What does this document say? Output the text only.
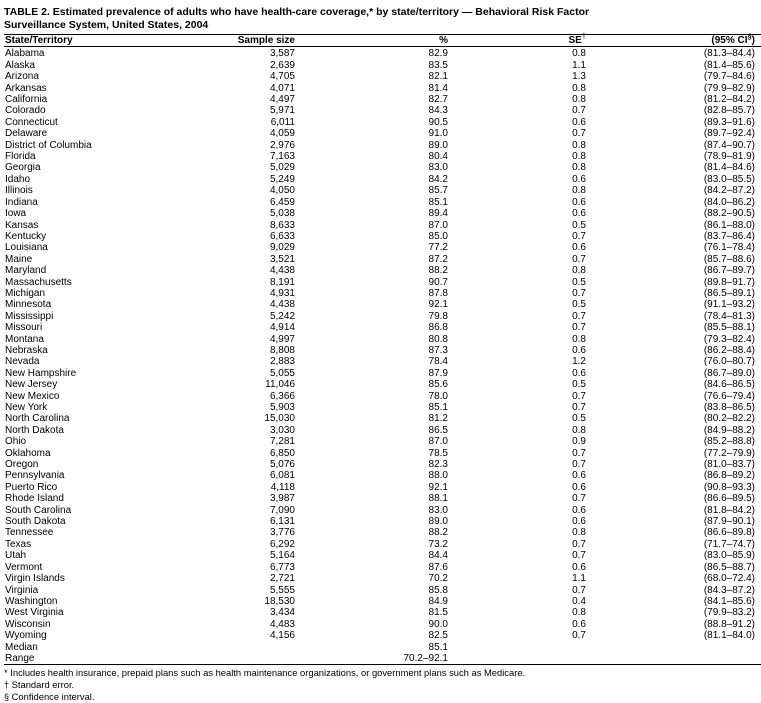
TABLE 2. Estimated prevalence of adults who have health-care coverage,* by state/territory — Behavioral Risk Factor Surveillance System, United States, 2004
State/Territory	Sample size	%	SE†	(95% CI§)
Alabama	3,587	82.9	0.8	(81.3–84.4)
Alaska	2,639	83.5	1.1	(81.4–85.6)
Arizona	4,705	82.1	1.3	(79.7–84.6)
Arkansas	4,071	81.4	0.8	(79.9–82.9)
California	4,497	82.7	0.8	(81.2–84.2)
Colorado	5,971	84.3	0.7	(82.8–85.7)
Connecticut	6,011	90.5	0.6	(89.3–91.6)
Delaware	4,059	91.0	0.7	(89.7–92.4)
District of Columbia	2,976	89.0	0.8	(87.4–90.7)
Florida	7,163	80.4	0.8	(78.9–81.9)
Georgia	5,029	83.0	0.8	(81.4–84.6)
Idaho	5,249	84.2	0.6	(83.0–85.5)
Illinois	4,050	85.7	0.8	(84.2–87.2)
Indiana	6,459	85.1	0.6	(84.0–86.2)
Iowa	5,038	89.4	0.6	(88.2–90.5)
Kansas	8,633	87.0	0.5	(86.1–88.0)
Kentucky	6,633	85.0	0.7	(83.7–86.4)
Louisiana	9,029	77.2	0.6	(76.1–78.4)
Maine	3,521	87.2	0.7	(85.7–88.6)
Maryland	4,438	88.2	0.8	(86.7–89.7)
Massachusetts	8,191	90.7	0.5	(89.8–91.7)
Michigan	4,931	87.8	0.7	(86.5–89.1)
Minnesota	4,438	92.1	0.5	(91.1–93.2)
Mississippi	5,242	79.8	0.7	(78.4–81.3)
Missouri	4,914	86.8	0.7	(85.5–88.1)
Montana	4,997	80.8	0.8	(79.3–82.4)
Nebraska	8,808	87.3	0.6	(86.2–88.4)
Nevada	2,883	78.4	1.2	(76.0–80.7)
New Hampshire	5,055	87.9	0.6	(86.7–89.0)
New Jersey	11,046	85.6	0.5	(84.6–86.5)
New Mexico	6,366	78.0	0.7	(76.6–79.4)
New York	5,903	85.1	0.7	(83.8–86.5)
North Carolina	15,030	81.2	0.5	(80.2–82.2)
North Dakota	3,030	86.5	0.8	(84.9–88.2)
Ohio	7,281	87.0	0.9	(85.2–88.8)
Oklahoma	6,850	78.5	0.7	(77.2–79.9)
Oregon	5,076	82.3	0.7	(81.0–83.7)
Pennsylvania	6,081	88.0	0.6	(86.8–89.2)
Puerto Rico	4,118	92.1	0.6	(90.8–93.3)
Rhode Island	3,987	88.1	0.7	(86.6–89.5)
South Carolina	7,090	83.0	0.6	(81.8–84.2)
South Dakota	6,131	89.0	0.6	(87.9–90.1)
Tennessee	3,776	88.2	0.8	(86.6–89.8)
Texas	6,292	73.2	0.7	(71.7–74.7)
Utah	5,164	84.4	0.7	(83.0–85.9)
Vermont	6,773	87.6	0.6	(86.5–88.7)
Virgin Islands	2,721	70.2	1.1	(68.0–72.4)
Virginia	5,555	85.8	0.7	(84.3–87.2)
Washington	18,530	84.9	0.4	(84.1–85.6)
West Virginia	3,434	81.5	0.8	(79.9–83.2)
Wisconsin	4,483	90.0	0.6	(88.8–91.2)
Wyoming	4,156	82.5	0.7	(81.1–84.0)
Median		85.1		
Range		70.2–92.1		
* Includes health insurance, prepaid plans such as health maintenance organizations, or government plans such as Medicare.
† Standard error.
§ Confidence interval.
